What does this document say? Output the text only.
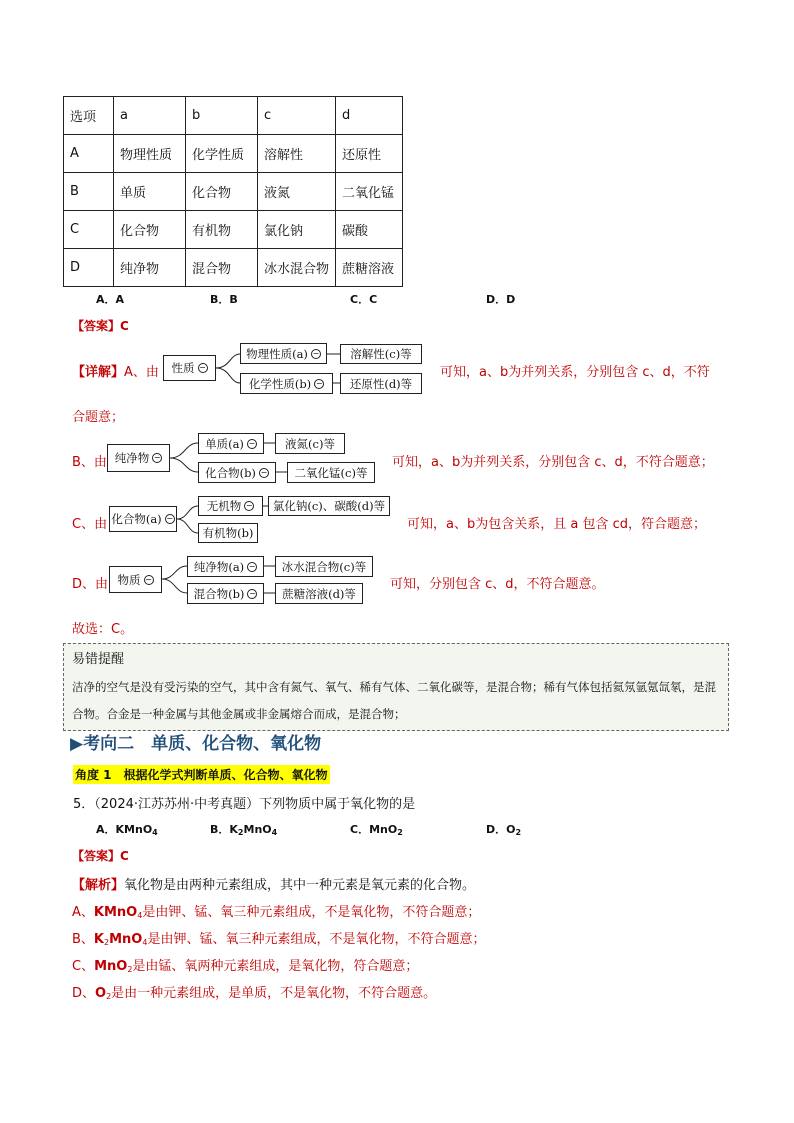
选项	a	b	c	d
A	物理性质	化学性质	溶解性	还原性
B	单质	化合物	液氮	二氧化锰
C	化合物	有机物	氯化钠	碳酸
D	纯净物	混合物	冰水混合物	蔗糖溶液
A．A	B．B	C．C	D．D
【答案】C
【详解】A、由 性质 −
物理性质(a) −
化学性质(b) −
溶解性(c)等
还原性(d)等
可知，a、b为并列关系，分别包含 c、d，不符
合题意；
B、由 纯净物 −
单质(a) −
化合物(b) −
液氮(c)等
二氧化锰(c)等
可知，a、b为并列关系，分别包含 c、d，不符合题意；
C、由 化合物(a) −
无机物 −
有机物(b)
氯化钠(c)、碳酸(d)等
可知，a、b为包含关系，且 a 包含 cd，符合题意；
D、由 物质 −
纯净物(a) −
混合物(b) −
冰水混合物(c)等
蔗糖溶液(d)等
可知，分别包含 c、d，不符合题意。
故选：C。
易错提醒
洁净的空气是没有受污染的空气，其中含有氮气、氧气、稀有气体、二氧化碳等，是混合物；稀有气体包括氦氖氩氪氙氡，是混合物。合金是一种金属与其他金属或非金属熔合而成，是混合物；
▶考向二　单质、化合物、氧化物
角度 1　根据化学式判断单质、化合物、氧化物
5．（2024·江苏苏州·中考真题）下列物质中属于氧化物的是
A．KMnO$_4$	B．$K_2MnO_4$	C．MnO$_2$	D．$O_2$
【答案】C
【解析】氧化物是由两种元素组成，其中一种元素是氧元素的化合物。
A、KMnO$_4$是由钾、锰、氧三种元素组成，不是氧化物，不符合题意；
B、$K_2MnO_4$是由钾、锰、氧三种元素组成，不是氧化物，不符合题意；
C、MnO$_2$是由锰、氧两种元素组成，是氧化物，符合题意；
D、$O_2$是由一种元素组成，是单质，不是氧化物，不符合题意。
